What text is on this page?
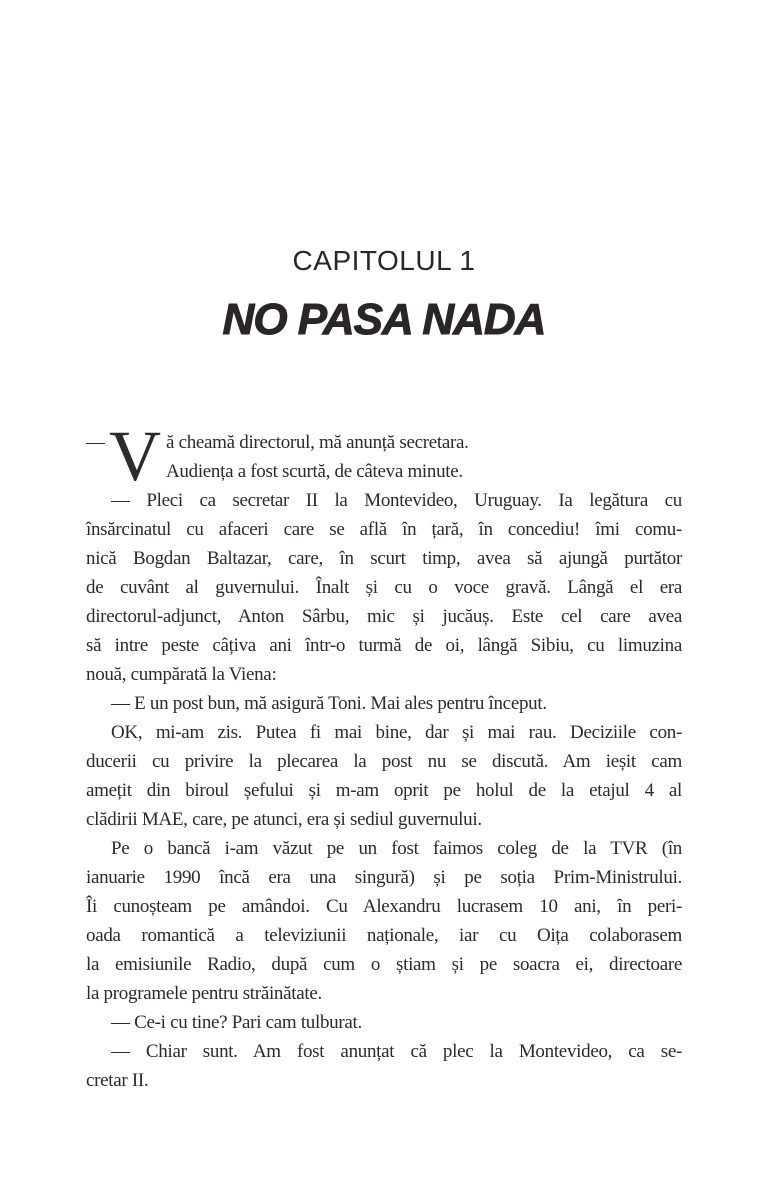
CAPITOLUL 1
NO PASA NADA
— V ă cheamă directorul, mă anunță secretara.
Audiența a fost scurtă, de câteva minute.
— Pleci ca secretar II la Montevideo, Uruguay. Ia legătura cu
însărcinatul cu afaceri care se află în țară, în concediu! îmi comu-
nică Bogdan Baltazar, care, în scurt timp, avea să ajungă purtător
de cuvânt al guvernului. Înalt și cu o voce gravă. Lângă el era
directorul-adjunct, Anton Sârbu, mic și jucăuș. Este cel care avea
să intre peste câțiva ani într-o turmă de oi, lângă Sibiu, cu limuzina
nouă, cumpărată la Viena:
— E un post bun, mă asigură Toni. Mai ales pentru început.
OK, mi-am zis. Putea fi mai bine, dar și mai rau. Deciziile con-
ducerii cu privire la plecarea la post nu se discută. Am ieșit cam
amețit din biroul șefului și m-am oprit pe holul de la etajul 4 al
clădirii MAE, care, pe atunci, era și sediul guvernului.
Pe o bancă i-am văzut pe un fost faimos coleg de la TVR (în
ianuarie 1990 încă era una singură) și pe soția Prim-Ministrului.
Îi cunoșteam pe amândoi. Cu Alexandru lucrasem 10 ani, în peri-
oada romantică a televiziunii naționale, iar cu Oița colaborasem
la emisiunile Radio, după cum o știam și pe soacra ei, directoare
la programele pentru străinătate.
— Ce-i cu tine? Pari cam tulburat.
— Chiar sunt. Am fost anunțat că plec la Montevideo, ca se-
cretar II.
